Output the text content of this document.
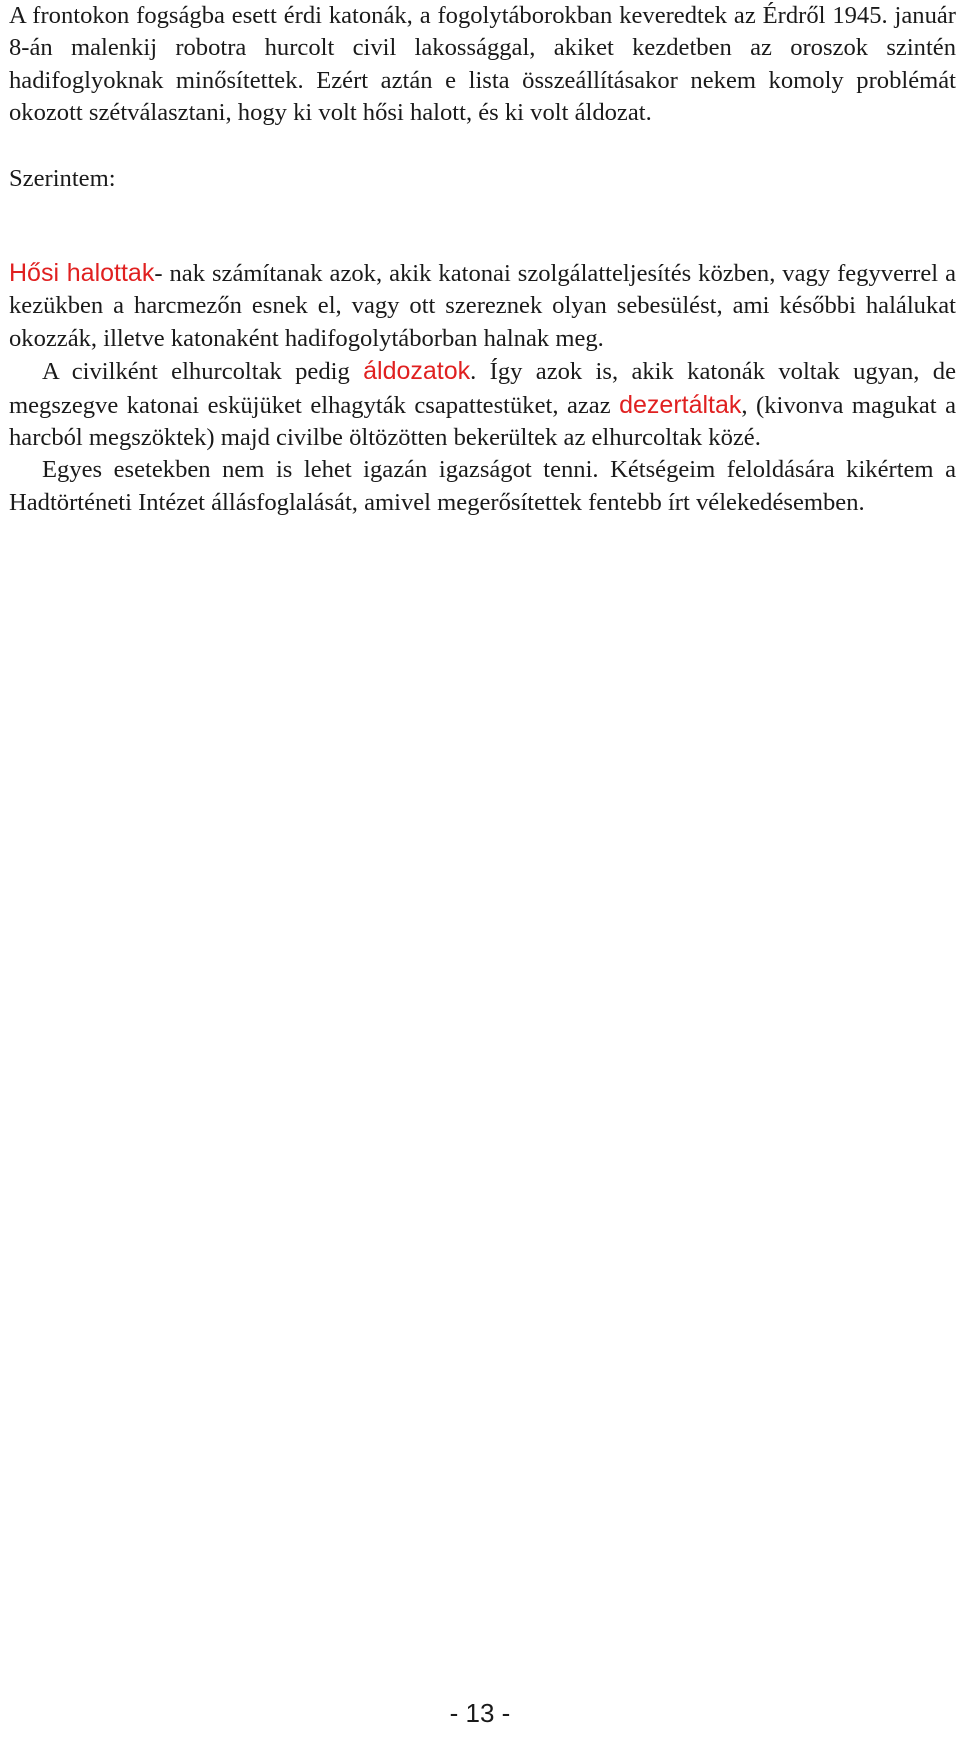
A frontokon fogságba esett érdi katonák, a fogolytáborokban keveredtek az Érdről 1945. január 8-án malenkij robotra hurcolt civil lakossággal, akiket kezdetben az oroszok szintén hadifoglyoknak minősítettek. Ezért aztán e lista összeállításakor nekem komoly problémát okozott szétválasztani, hogy ki volt hősi halott, és ki volt áldozat.

Szerintem:

Hősi halottak- nak számítanak azok, akik katonai szolgálatteljesítés közben, vagy fegyverrel a kezükben a harcmezőn esnek el, vagy ott szereznek olyan sebesülést, ami későbbi halálukat okozzák, illetve katonaként hadifogolytáborban halnak meg.

A civilként elhurcoltak pedig áldozatok. Így azok is, akik katonák voltak ugyan, de megszegve katonai esküjüket elhagyták csapattestüket, azaz dezertáltak, (kivonva magukat a harcból megszöktek) majd civilbe öltözötten bekerültek az elhurcoltak közé.

Egyes esetekben nem is lehet igazán igazságot tenni. Kétségeim feloldására kikértem a Hadtörténeti Intézet állásfoglalását, amivel megerősítettek fentebb írt vélekedésemben.

- 13 -
